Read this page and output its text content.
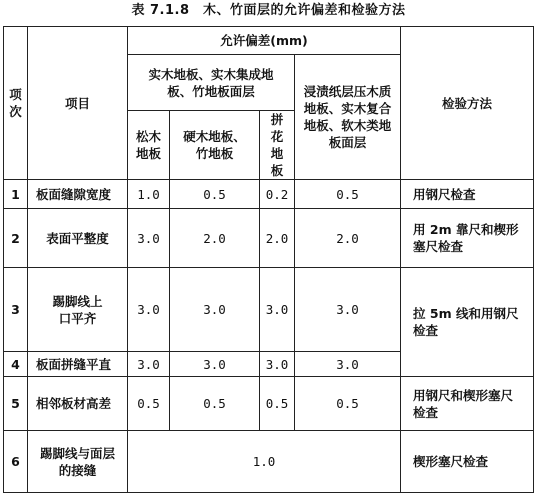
表 7.1.8　木、竹面层的允许偏差和检验方法
项次	项目	允许偏差(mm)				检验方法
		实木地板、实木集成地板、竹地板面层			浸渍纸层压木质地板、实木复合地板、软木类地板面层	
		松木地板	硬木地板、竹地板	拼花地板		
1	板面缝隙宽度	1.0	0.5	0.2	0.5	用钢尺检查
2	表面平整度	3.0	2.0	2.0	2.0	用 2m 靠尺和楔形塞尺检查
3	踢脚线上口平齐	3.0	3.0	3.0	3.0	拉 5m 线和用钢尺检查
4	板面拼缝平直	3.0	3.0	3.0	3.0	
5	相邻板材高差	0.5	0.5	0.5	0.5	用钢尺和楔形塞尺检查
6	踢脚线与面层的接缝	1.0				楔形塞尺检查
